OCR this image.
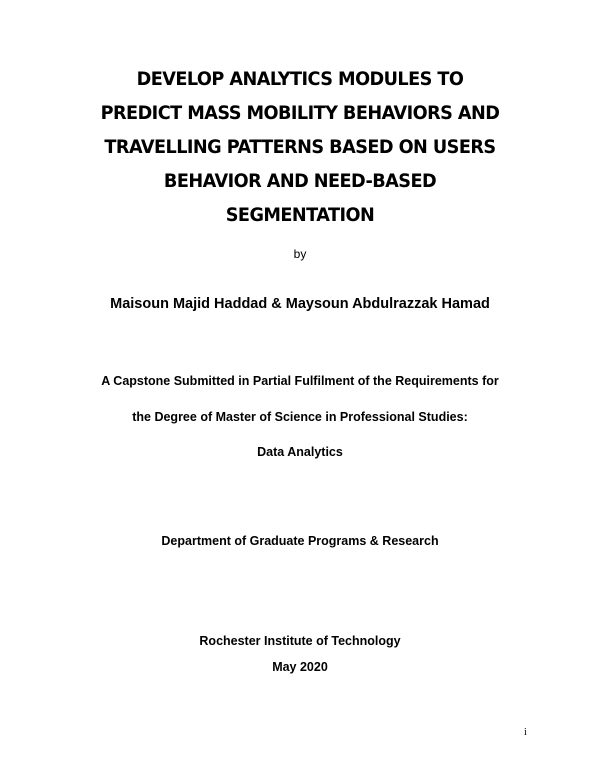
DEVELOP ANALYTICS MODULES TO
PREDICT MASS MOBILITY BEHAVIORS AND
TRAVELLING PATTERNS BASED ON USERS
BEHAVIOR AND NEED-BASED
SEGMENTATION
by
Maisoun Majid Haddad & Maysoun Abdulrazzak Hamad
A Capstone Submitted in Partial Fulfilment of the Requirements for
the Degree of Master of Science in Professional Studies:
Data Analytics
Department of Graduate Programs & Research
Rochester Institute of Technology
May 2020
i
